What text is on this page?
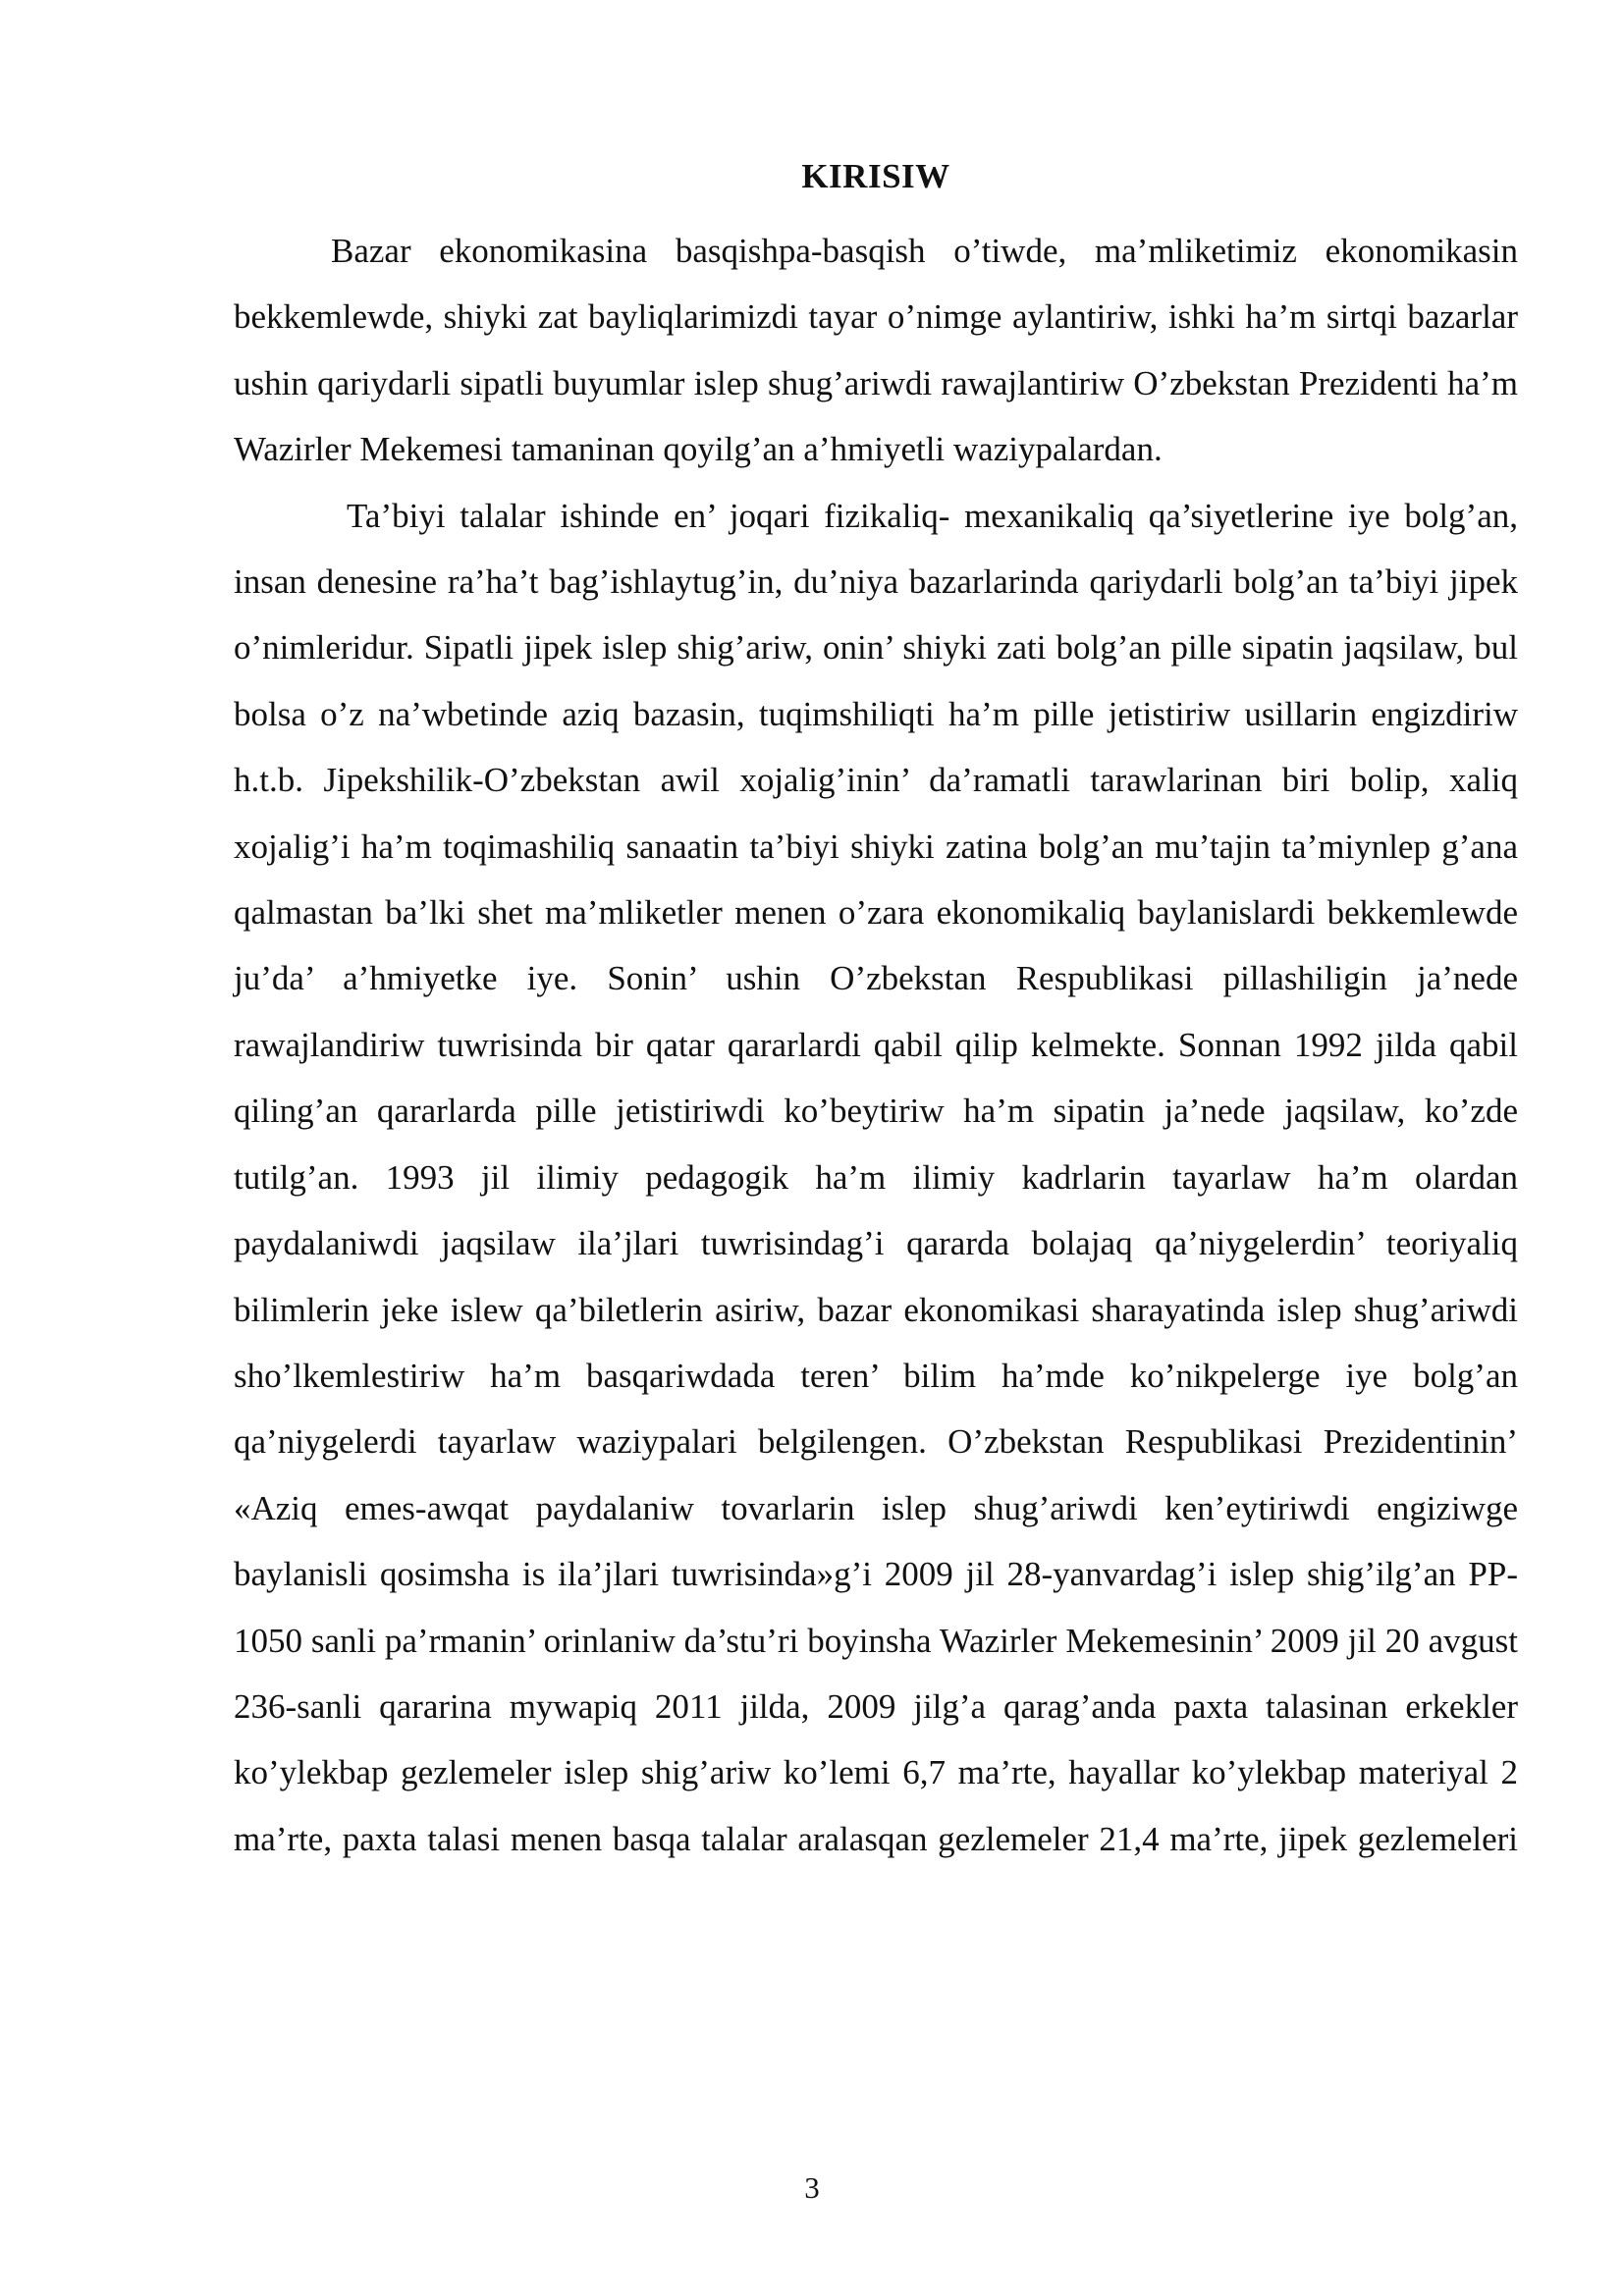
KIRISIW

Bazar ekonomikasina basqishpa-basqish o’tiwde, ma’mliketimiz ekonomikasin bekkemlewde, shiyki zat bayliqlarimizdi tayar o’nimge aylantiriw, ishki ha’m sirtqi bazarlar ushin qariydarli sipatli buyumlar islep shug’ariwdi rawajlantiriw O’zbekstan Prezidenti ha’m Wazirler Mekemesi tamaninan qoyilg’an a’hmiyetli waziypalardan.

Ta’biyi talalar ishinde en’ joqari fizikaliq- mexanikaliq qa’siyetlerine iye bolg’an, insan denesine ra’ha’t bag’ishlaytug’in, du’niya bazarlarinda qariydarli bolg’an ta’biyi jipek o’nimleridur. Sipatli jipek islep shig’ariw, onin’ shiyki zati bolg’an pille sipatin jaqsilaw, bul bolsa o’z na’wbetinde aziq bazasin, tuqimshiliqti ha’m pille jetistiriw usillarin engizdiriw h.t.b. Jipekshilik-O’zbekstan awil xojalig’inin’ da’ramatli tarawlarinan biri bolip, xaliq xojalig’i ha’m toqimashiliq sanaatin ta’biyi shiyki zatina bolg’an mu’tajin ta’miynlep g’ana qalmastan ba’lki shet ma’mliketler menen o’zara ekonomikaliq baylanislardi bekkemlewde ju’da’ a’hmiyetke iye. Sonin’ ushin O’zbekstan Respublikasi pillashiligin ja’nede rawajlandiriw tuwrisinda bir qatar qararlardi qabil qilip kelmekte. Sonnan 1992 jilda qabil qiling’an qararlarda pille jetistiriwdi ko’beytiriw ha’m sipatin ja’nede jaqsilaw, ko’zde tutilg’an. 1993 jil ilimiy pedagogik ha’m ilimiy kadrlarin tayarlaw ha’m olardan paydalaniwdi jaqsilaw ila’jlari tuwrisindag’i qararda bolajaq qa’niygelerdin’ teoriyaliq bilimlerin jeke islew qa’biletlerin asiriw, bazar ekonomikasi sharayatinda islep shug’ariwdi sho’lkemlestiriw ha’m basqariwdada teren’ bilim ha’mde ko’nikpelerge iye bolg’an qa’niygelerdi tayarlaw waziypalari belgilengen. O’zbekstan Respublikasi Prezidentinin’ «Aziq emes-awqat paydalaniw tovarlarin islep shug’ariwdi ken’eytiriwdi engiziwge baylanisli qosimsha is ila’jlari tuwrisinda»g’i 2009 jil 28-yanvardag’i islep shig’ilg’an PP-1050 sanli pa’rmanin’ orinlaniw da’stu’ri boyinsha Wazirler Mekemesinin’ 2009 jil 20 avgust 236-sanli qararina mywapiq 2011 jilda, 2009 jilg’a qarag’anda paxta talasinan erkekler ko’ylekbap gezlemeler islep shig’ariw ko’lemi 6,7 ma’rte, hayallar ko’ylekbap materiyal 2 ma’rte, paxta talasi menen basqa talalar aralasqan gezlemeler 21,4 ma’rte, jipek gezlemeleri

3
